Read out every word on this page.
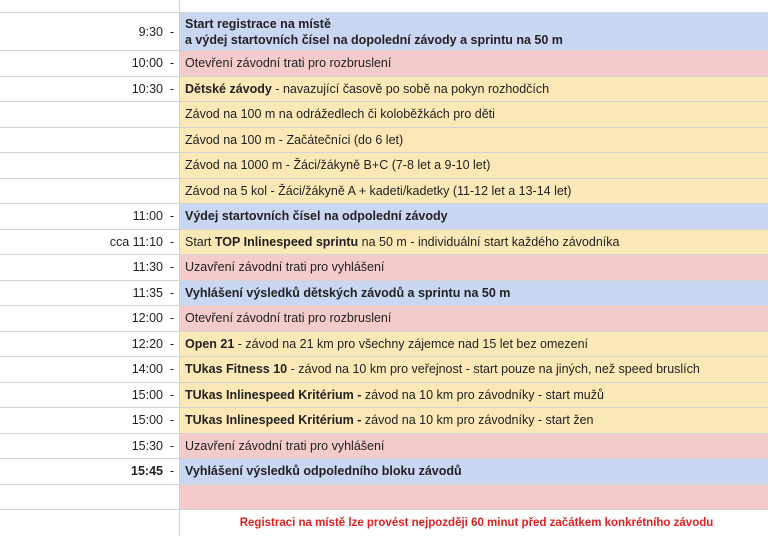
9:30 -
Start registrace na místě
a výdej startovních čísel na dopolední závody a sprintu na 50 m
10:00 - Otevření závodní trati pro rozbruslení
10:30 - Dětské závody - navazující časově po sobě na pokyn rozhodčích
Závod na 100 m na odrážedlech či koloběžkách pro děti
Závod na 100 m - Začátečníci (do 6 let)
Závod na 1000 m - Žáci/žákyně B+C (7-8 let a 9-10 let)
Závod na 5 kol - Žáci/žákyně A + kadeti/kadetky (11-12 let a 13-14 let)
11:00 - Výdej startovních čísel na odpolední závody
cca 11:10 - Start TOP Inlinespeed sprintu na 50 m - individuální start každého závodníka
11:30 - Uzavření závodní trati pro vyhlášení
11:35 - Vyhlášení výsledků dětských závodů a sprintu na 50 m
12:00 - Otevření závodní trati pro rozbruslení
12:20 - Open 21 - závod na 21 km pro všechny zájemce nad 15 let bez omezení
14:00 - TUkas Fitness 10 - závod na 10 km pro veřejnost - start pouze na jiných, než speed bruslích
15:00 - TUkas Inlinespeed Kritérium - závod na 10 km pro závodníky - start mužů
15:00 - TUkas Inlinespeed Kritérium - závod na 10 km pro závodníky - start žen
15:30 - Uzavření závodní trati pro vyhlášení
15:45 - Vyhlášení výsledků odpoledního bloku závodů
Registraci na místě lze provést nejpozději 60 minut před začátkem konkrétního závodu
